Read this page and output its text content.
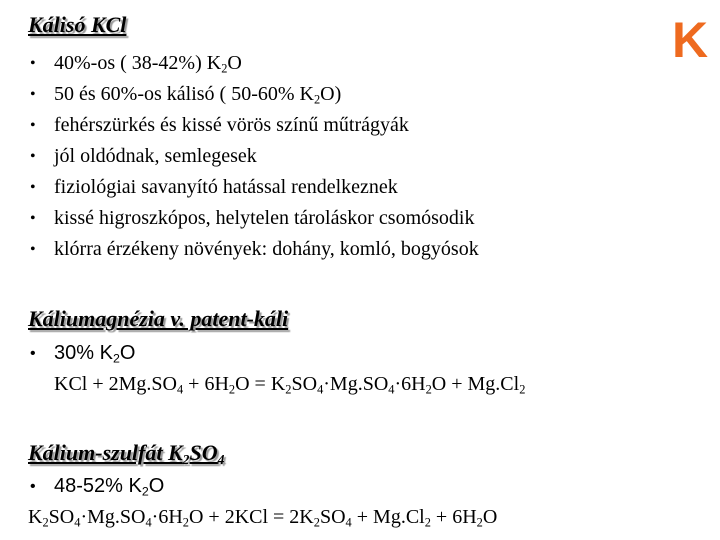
K
Kálisó KCl
• 40%-os ( 38-42%) $K_2O$
• 50 és 60%-os kálisó ( 50-60% $K_2O$)
• fehérszürkés és kissé vörös színű műtrágyák
• jól oldódnak, semlegesek
• fiziológiai savanyító hatással rendelkeznek
• kissé higroszkópos, helytelen tároláskor csomósodik
• klórra érzékeny növények: dohány, komló, bogyósok
Káliumagnézia v. patent-káli
• 30% $K_2O$
KCl + $2Mg.SO_4 + 6H_2O = K_2SO_4\cdot Mg.SO_4\cdot 6H_2O + Mg.Cl_2$
Kálium-szulfát $K_2SO_4$
• 48-52% $K_2O$
$K_2SO_4\cdot Mg.SO_4\cdot 6H_2O + 2KCl = 2K_2SO_4 + Mg.Cl_2 + 6H_2O$
